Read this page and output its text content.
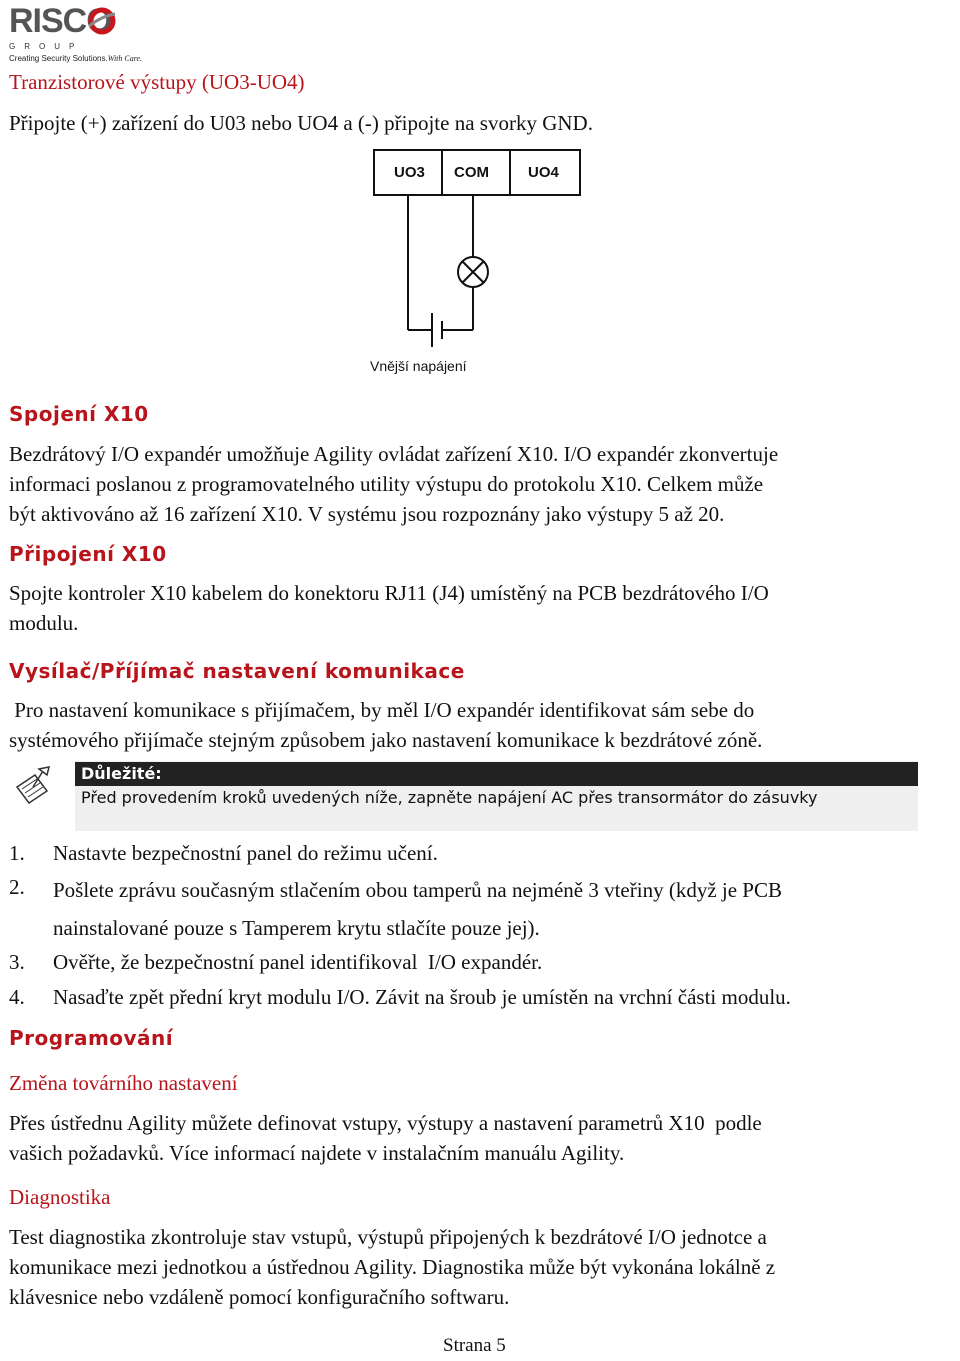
RISCO
GROUP
Creating Security Solutions.With Care.
Tranzistorové výstupy (UO3-UO4)
Připojte (+) zařízení do U03 nebo UO4 a (-) připojte na svorky GND.
UO3 COM	UO4
Vnější napájení
Spojení X10
Bezdrátový I/O expandér umožňuje Agility ovládat zařízení X10. I/O expandér zkonvertuje
informaci poslanou z programovatelného utility výstupu do protokolu X10. Celkem může
být aktivováno až 16 zařízení X10. V systému jsou rozpoznány jako výstupy 5 až 20.
Připojení X10
Spojte kontroler X10 kabelem do konektoru RJ11 (J4) umístěný na PCB bezdrátového I/O
modulu.
Vysílač/Příjímač nastavení komunikace
Pro nastavení komunikace s přijímačem, by měl I/O expandér identifikovat sám sebe do
systémového přijímače stejným způsobem jako nastavení komunikace k bezdrátové zóně.
Důležité:
Před provedením kroků uvedených níže, zapněte napájení AC přes transormátor do zásuvky
1. Nastavte bezpečnostní panel do režimu učení.
2. Pošlete zprávu současným stlačením obou tamperů na nejméně 3 vteřiny (když je PCB
nainstalované pouze s Tamperem krytu stlačíte pouze jej).
3. Ověřte, že bezpečnostní panel identifikoval  I/O expandér.
4. Nasaďte zpět přední kryt modulu I/O. Závit na šroub je umístěn na vrchní části modulu.
Programování
Změna továrního nastavení
Přes ústřednu Agility můžete definovat vstupy, výstupy a nastavení parametrů X10  podle
vašich požadavků. Více informací najdete v instalačním manuálu Agility.
Diagnostika
Test diagnostika zkontroluje stav vstupů, výstupů připojených k bezdrátové I/O jednotce a
komunikace mezi jednotkou a ústřednou Agility. Diagnostika může být vykonána lokálně z
klávesnice nebo vzdáleně pomocí konfiguračního softwaru.
Strana 5
